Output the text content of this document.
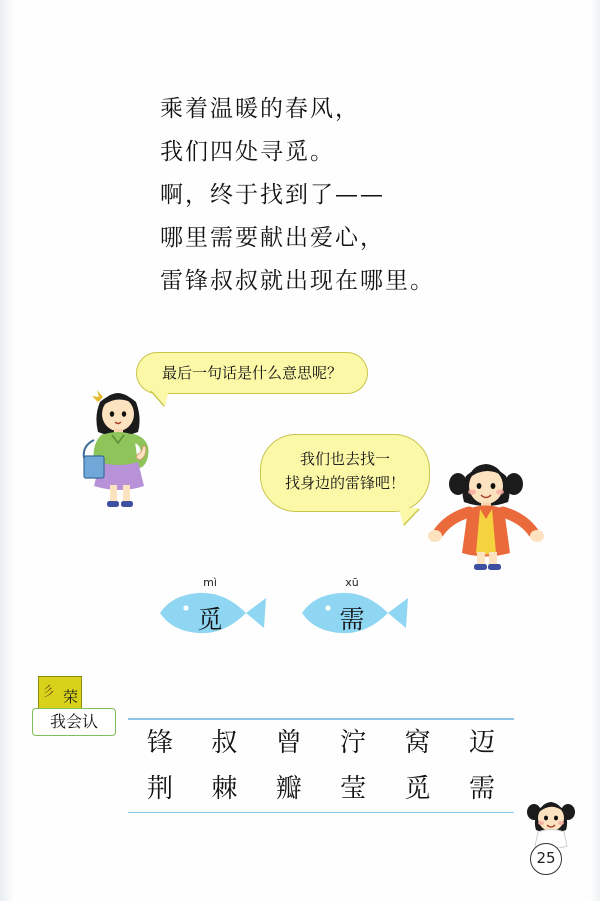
乘着温暖的春风，
我们四处寻觅。
啊，终于找到了——
哪里需要献出爱心，
雷锋叔叔就出现在哪里。
最后一句话是什么意思呢？
我们也去找一
找身边的雷锋吧！
mì
觅
xū
需
彡 荣
我会认
锋	叔	曾	泞	窝	迈
荆	棘	瓣	莹	觅	需
25
